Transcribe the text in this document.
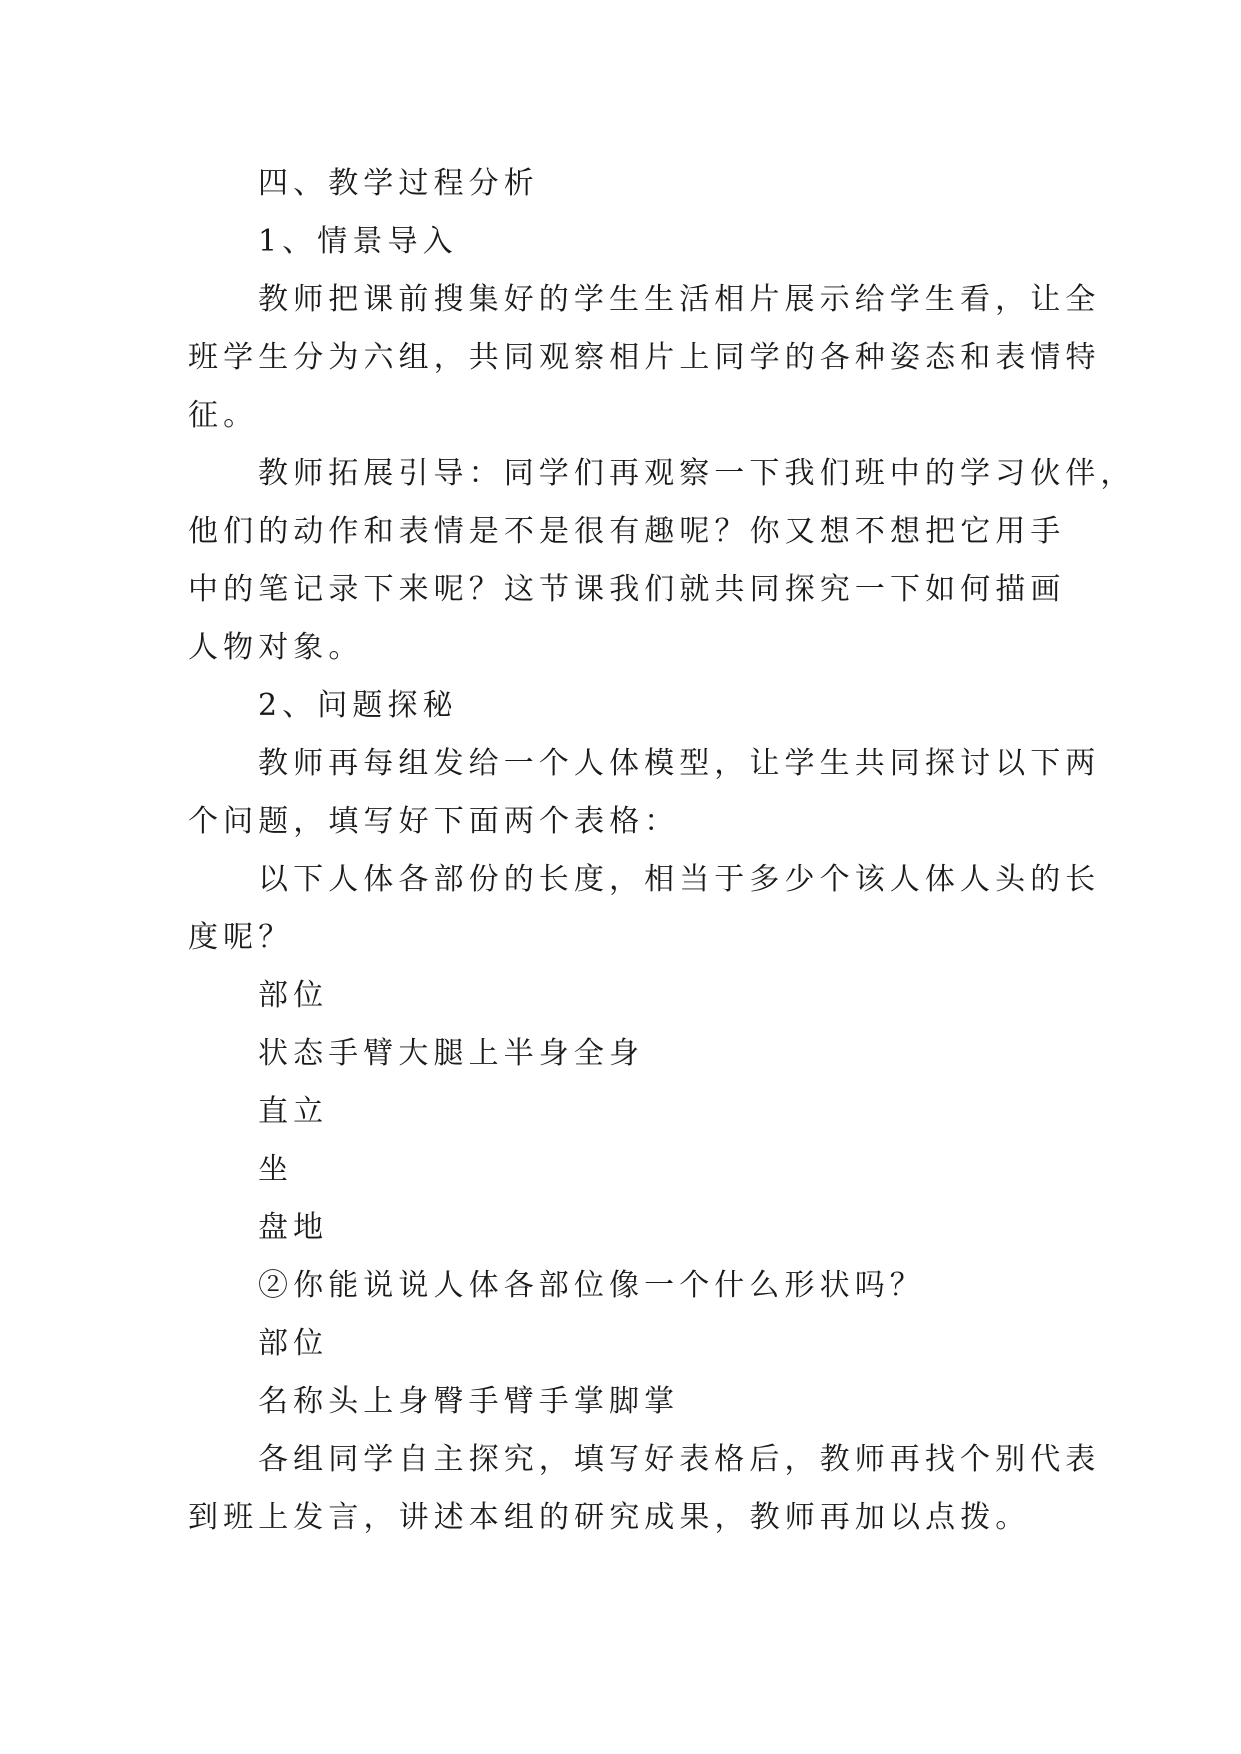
四、教学过程分析
1、情景导入
教师把课前搜集好的学生生活相片展示给学生看，让全
班学生分为六组，共同观察相片上同学的各种姿态和表情特
征。
教师拓展引导：同学们再观察一下我们班中的学习伙伴，
他们的动作和表情是不是很有趣呢？你又想不想把它用手
中的笔记录下来呢？这节课我们就共同探究一下如何描画
人物对象。
2、问题探秘
教师再每组发给一个人体模型，让学生共同探讨以下两
个问题，填写好下面两个表格：
以下人体各部份的长度，相当于多少个该人体人头的长
度呢？
部位
状态手臂大腿上半身全身
直立
坐
盘地
②你能说说人体各部位像一个什么形状吗？
部位
名称头上身臀手臂手掌脚掌
各组同学自主探究，填写好表格后，教师再找个别代表
到班上发言，讲述本组的研究成果，教师再加以点拨。
